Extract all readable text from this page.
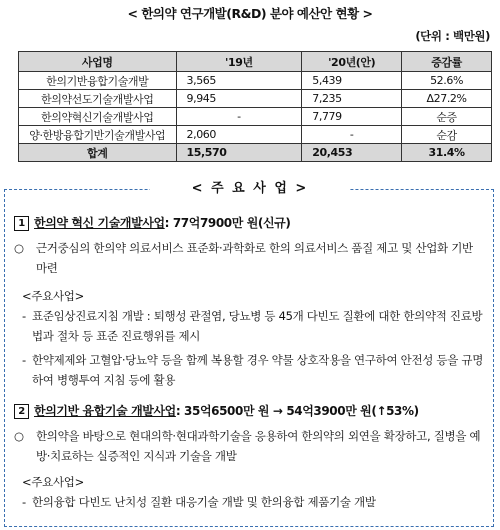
< 한의약 연구개발(R&D) 분야 예산안 현황 >
(단위 : 백만원)
사업명	'19년	'20년(안)	증감률
한의기반융합기술개발	3,565	5,439	52.6%
한의약선도기술개발사업	9,945	7,235	Δ27.2%
한의약혁신기술개발사업	-	7,779	순증
양·한방융합기반기술개발사업	2,060	-	순감
합계	15,570	20,453	31.4%
< 주 요 사 업 >
1 한의약 혁신 기술개발사업: 77억7900만 원(신규)
○	근거중심의 한의약 의료서비스 표준화·과학화로 한의 의료서비스 품질 제고 및 산업화 기반 마련
<주요사업>
- 표준임상진료지침 개발 : 퇴행성 관절염, 당뇨병 등 45개 다빈도 질환에 대한 한의약적 진료방법과 절차 등 표준 진료행위를 제시
- 한약제제와 고혈압·당뇨약 등을 함께 복용할 경우 약물 상호작용을 연구하여 안전성 등을 규명하여 병행투여 지침 등에 활용
2 한의기반 융합기술 개발사업: 35억6500만 원 → 54억3900만 원(↑53%)
○	한의약을 바탕으로 현대의학·현대과학기술을 응용하여 한의약의 외연을 확장하고, 질병을 예방·치료하는 실증적인 지식과 기술을 개발
<주요사업>
- 한의융합 다빈도 난치성 질환 대응기술 개발 및 한의융합 제품기술 개발
